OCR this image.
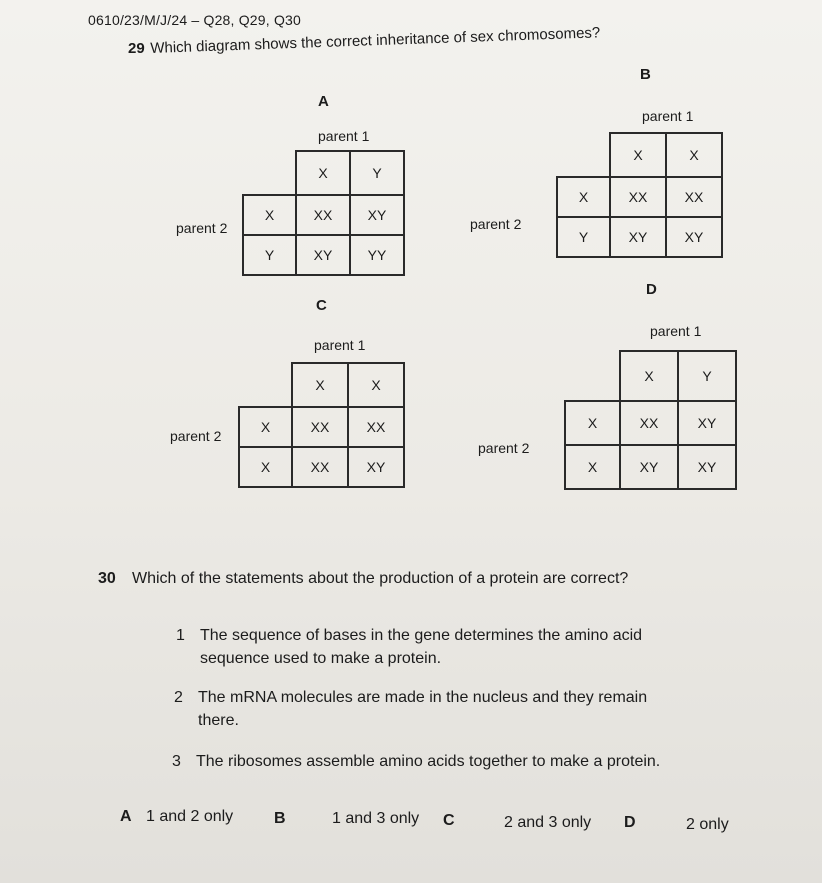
0610/23/M/J/24 – Q28, Q29, Q30
29 Which diagram shows the correct inheritance of sex chromosomes?
A
parent 1
parent 2
	X	Y
X	XX	XY
Y	XY	YY
B
parent 1
parent 2
	X	X
X	XX	XX
Y	XY	XY
C
parent 1
parent 2
	X	X
X	XX	XX
X	XX	XY
D
parent 1
parent 2
	X	Y
X	XX	XY
X	XY	XY
30 Which of the statements about the production of a protein are correct?
1 The sequence of bases in the gene determines the amino acid
sequence used to make a protein.
2 The mRNA molecules are made in the nucleus and they remain
there.
3 The ribosomes assemble amino acids together to make a protein.
A 1 and 2 only	B	1 and 3 only C	2 and 3 only D	2 only
